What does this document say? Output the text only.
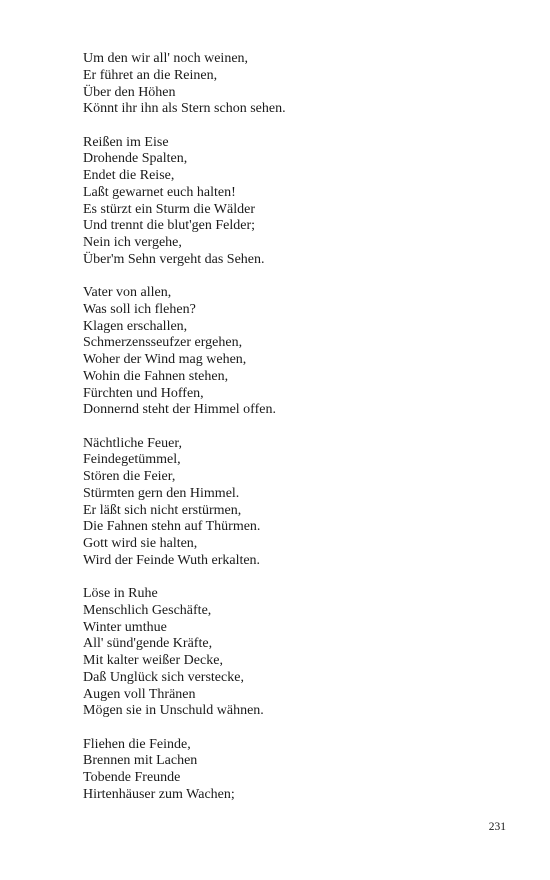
Um den wir all' noch weinen,
Er führet an die Reinen,
Über den Höhen
Könnt ihr ihn als Stern schon sehen.
Reißen im Eise
Drohende Spalten,
Endet die Reise,
Laßt gewarnet euch halten!
Es stürzt ein Sturm die Wälder
Und trennt die blut'gen Felder;
Nein ich vergehe,
Über'm Sehn vergeht das Sehen.
Vater von allen,
Was soll ich flehen?
Klagen erschallen,
Schmerzensseufzer ergehen,
Woher der Wind mag wehen,
Wohin die Fahnen stehen,
Fürchten und Hoffen,
Donnernd steht der Himmel offen.
Nächtliche Feuer,
Feindegetümmel,
Stören die Feier,
Stürmten gern den Himmel.
Er läßt sich nicht erstürmen,
Die Fahnen stehn auf Thürmen.
Gott wird sie halten,
Wird der Feinde Wuth erkalten.
Löse in Ruhe
Menschlich Geschäfte,
Winter umthue
All' sünd'gende Kräfte,
Mit kalter weißer Decke,
Daß Unglück sich verstecke,
Augen voll Thränen
Mögen sie in Unschuld wähnen.
Fliehen die Feinde,
Brennen mit Lachen
Tobende Freunde
Hirtenhäuser zum Wachen;
231
